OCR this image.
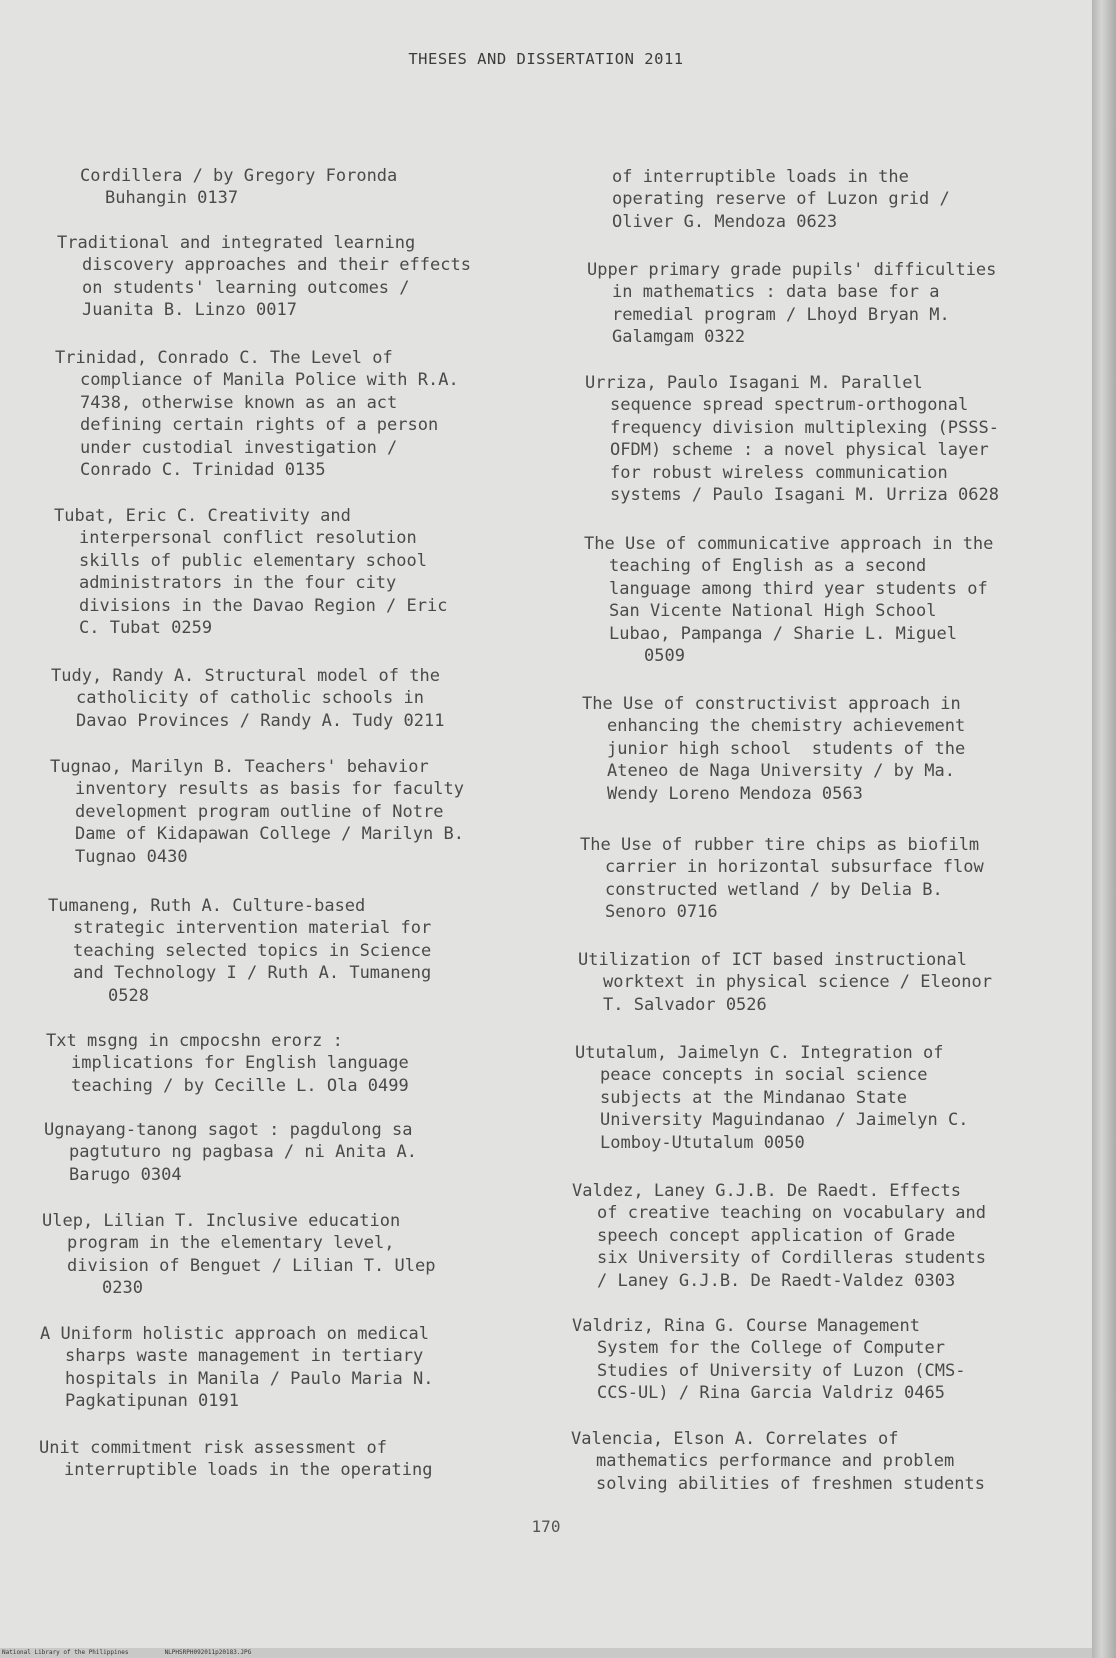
THESES AND DISSERTATION 2011
Cordillera / by Gregory Foronda
Buhangin 0137
Traditional and integrated learning
discovery approaches and their effects
on students' learning outcomes /
Juanita B. Linzo 0017
Trinidad, Conrado C. The Level of
compliance of Manila Police with R.A.
7438, otherwise known as an act
defining certain rights of a person
under custodial investigation /
Conrado C. Trinidad 0135
Tubat, Eric C. Creativity and
interpersonal conflict resolution
skills of public elementary school
administrators in the four city
divisions in the Davao Region / Eric
C. Tubat 0259
Tudy, Randy A. Structural model of the
catholicity of catholic schools in
Davao Provinces / Randy A. Tudy 0211
Tugnao, Marilyn B. Teachers' behavior
inventory results as basis for faculty
development program outline of Notre
Dame of Kidapawan College / Marilyn B.
Tugnao 0430
Tumaneng, Ruth A. Culture-based
strategic intervention material for
teaching selected topics in Science
and Technology I / Ruth A. Tumaneng
0528
Txt msgng in cmpocshn erorz :
implications for English language
teaching / by Cecille L. Ola 0499
Ugnayang-tanong sagot : pagdulong sa
pagtuturo ng pagbasa / ni Anita A.
Barugo 0304
Ulep, Lilian T. Inclusive education
program in the elementary level,
division of Benguet / Lilian T. Ulep
0230
A Uniform holistic approach on medical
sharps waste management in tertiary
hospitals in Manila / Paulo Maria N.
Pagkatipunan 0191
Unit commitment risk assessment of
interruptible loads in the operating
of interruptible loads in the
operating reserve of Luzon grid /
Oliver G. Mendoza 0623
Upper primary grade pupils' difficulties
in mathematics : data base for a
remedial program / Lhoyd Bryan M.
Galamgam 0322
Urriza, Paulo Isagani M. Parallel
sequence spread spectrum-orthogonal
frequency division multiplexing (PSSS-
OFDM) scheme : a novel physical layer
for robust wireless communication
systems / Paulo Isagani M. Urriza 0628
The Use of communicative approach in the
teaching of English as a second
language among third year students of
San Vicente National High School
Lubao, Pampanga / Sharie L. Miguel
0509
The Use of constructivist approach in
enhancing the chemistry achievement
junior high school  students of the
Ateneo de Naga University / by Ma.
Wendy Loreno Mendoza 0563
The Use of rubber tire chips as biofilm
carrier in horizontal subsurface flow
constructed wetland / by Delia B.
Senoro 0716
Utilization of ICT based instructional
worktext in physical science / Eleonor
T. Salvador 0526
Ututalum, Jaimelyn C. Integration of
peace concepts in social science
subjects at the Mindanao State
University Maguindanao / Jaimelyn C.
Lomboy-Ututalum 0050
Valdez, Laney G.J.B. De Raedt. Effects
of creative teaching on vocabulary and
speech concept application of Grade
six University of Cordilleras students
/ Laney G.J.B. De Raedt-Valdez 0303
Valdriz, Rina G. Course Management
System for the College of Computer
Studies of University of Luzon (CMS-
CCS-UL) / Rina Garcia Valdriz 0465
Valencia, Elson A. Correlates of
mathematics performance and problem
solving abilities of freshmen students
170
National Library of the Philippines	NLPHSRPH092011p20183.JPG
